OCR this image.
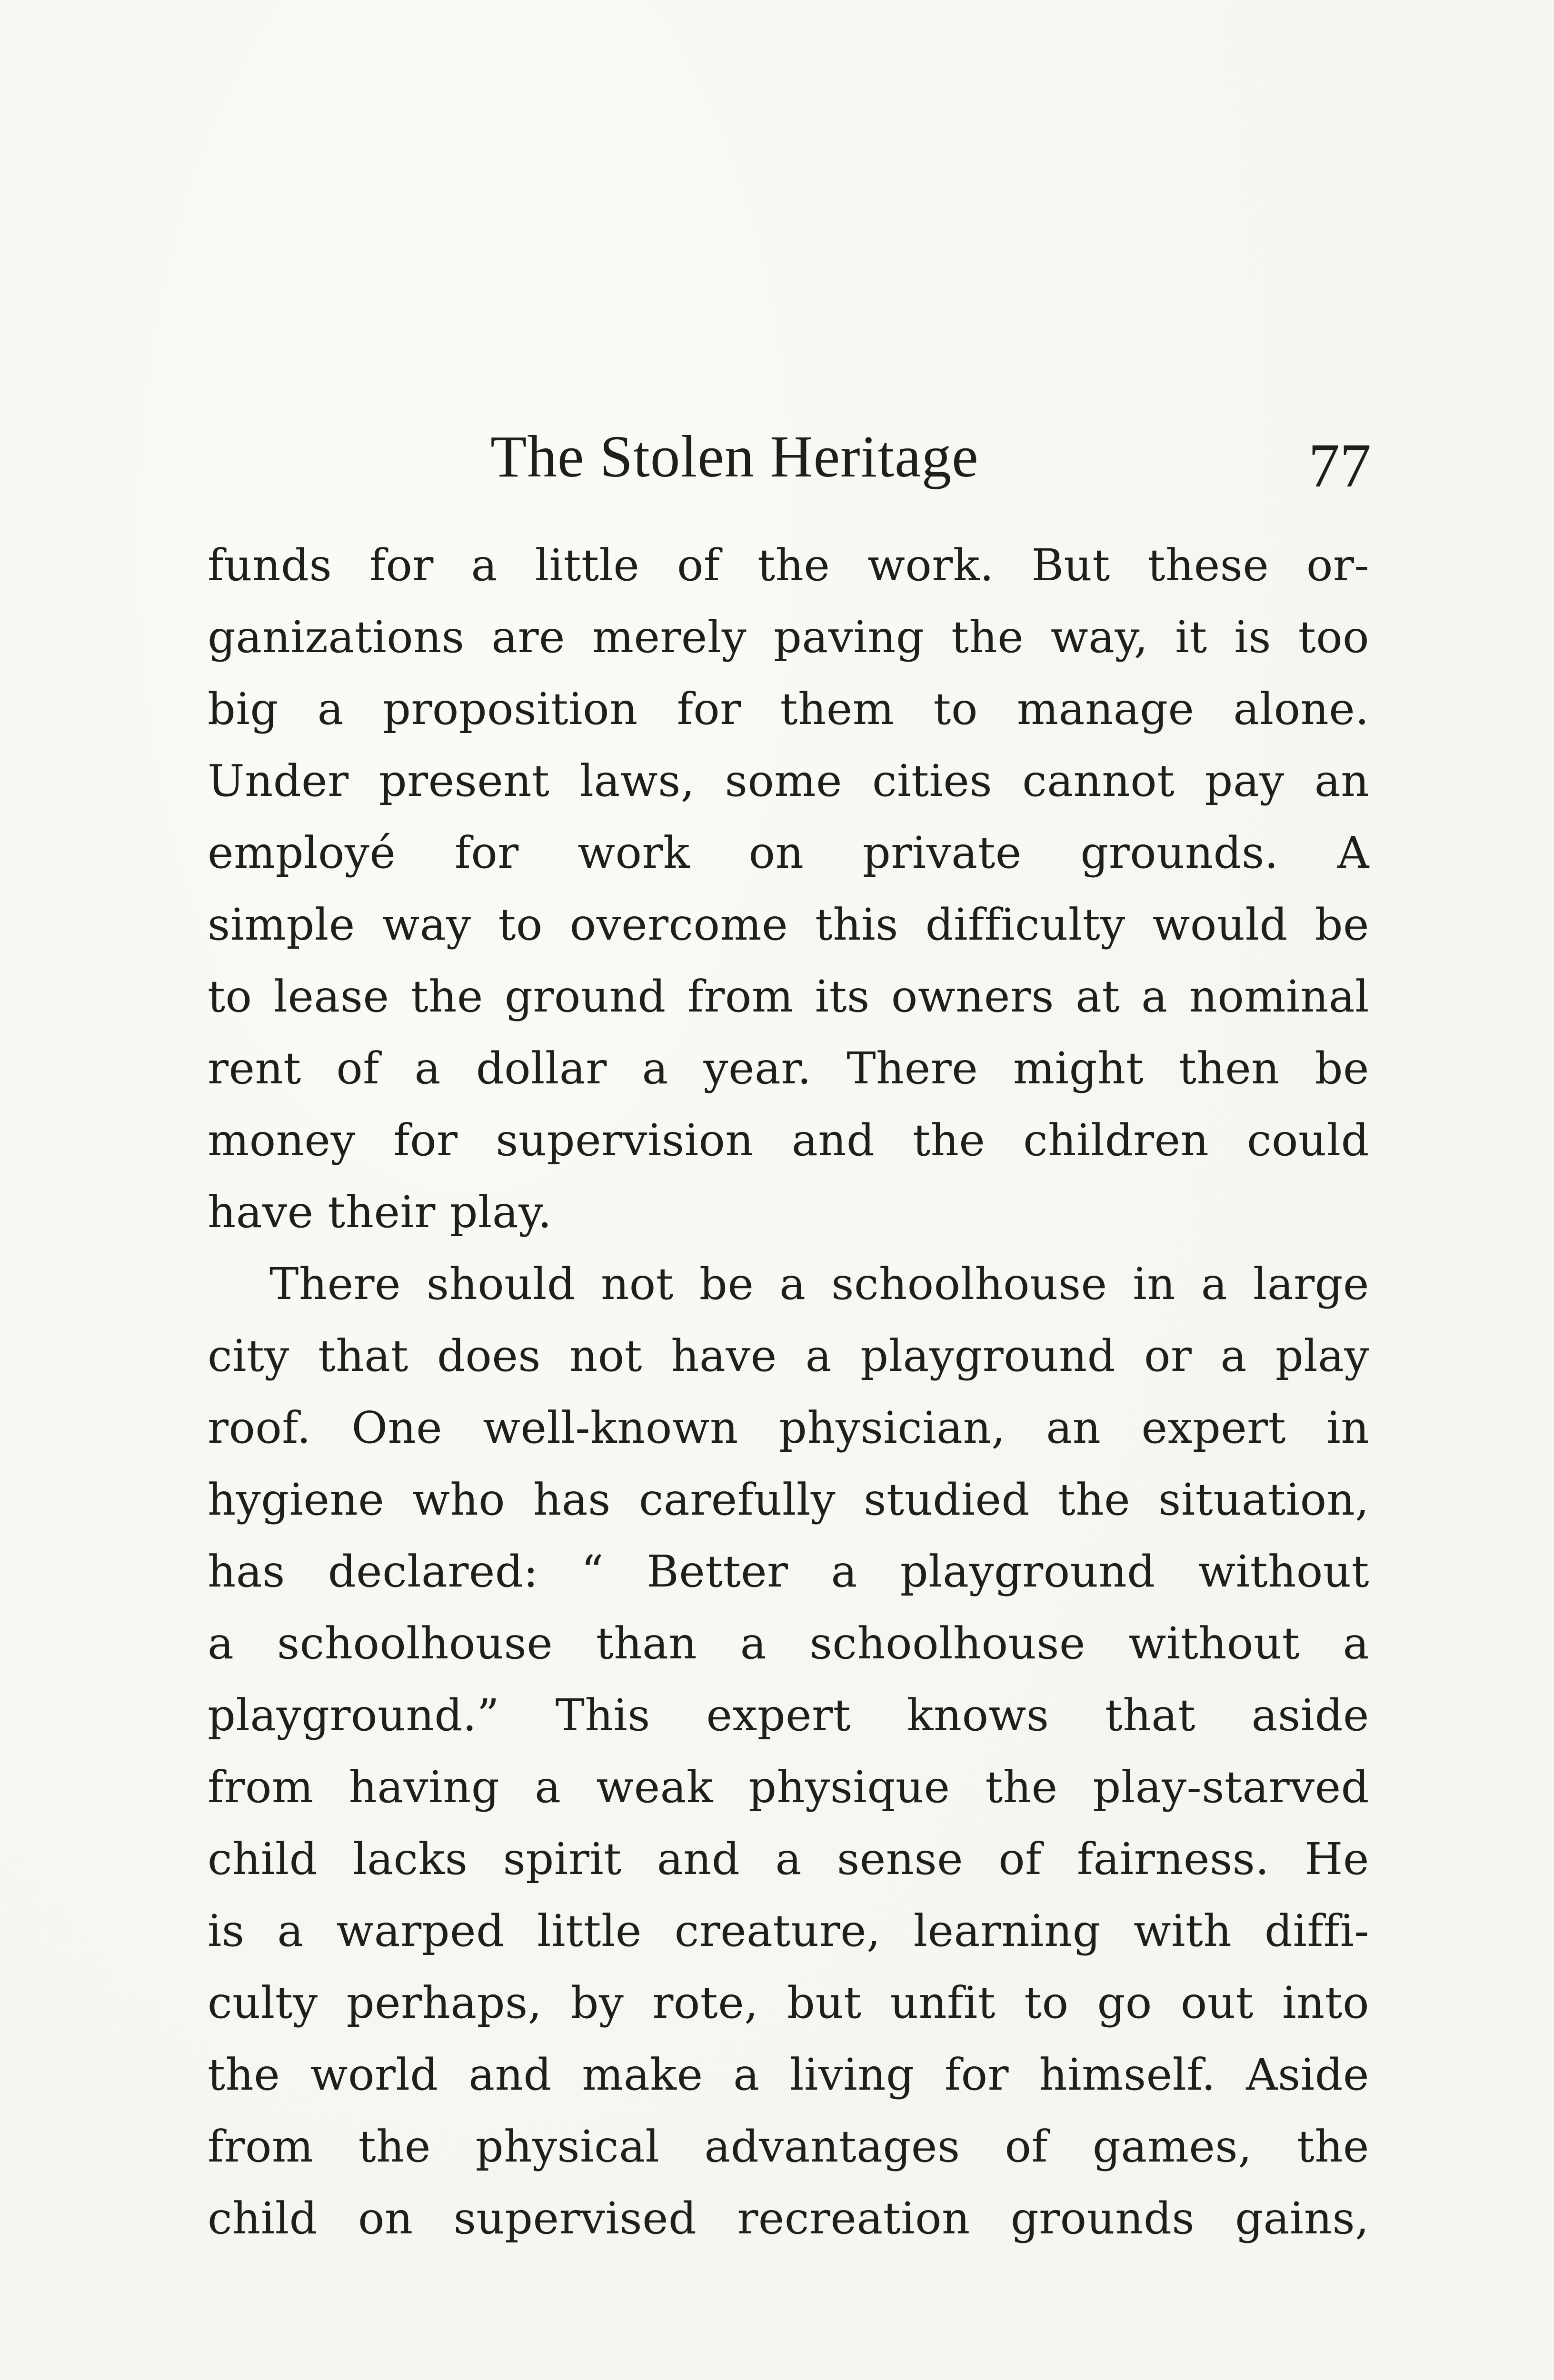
The Stolen Heritage	77
funds for a little of the work. But these or-
ganizations are merely paving the way, it is too
big a proposition for them to manage alone.
Under present laws, some cities cannot pay an
employé for work on private grounds. A
simple way to overcome this difficulty would be
to lease the ground from its owners at a nominal
rent of a dollar a year. There might then be
money for supervision and the children could
have their play.
There should not be a schoolhouse in a large
city that does not have a playground or a play
roof. One well-known physician, an expert in
hygiene who has carefully studied the situation,
has declared: “ Better a playground without
a schoolhouse than a schoolhouse without a
playground.” This expert knows that aside
from having a weak physique the play-starved
child lacks spirit and a sense of fairness. He
is a warped little creature, learning with diffi-
culty perhaps, by rote, but unfit to go out into
the world and make a living for himself. Aside
from the physical advantages of games, the
child on supervised recreation grounds gains,
